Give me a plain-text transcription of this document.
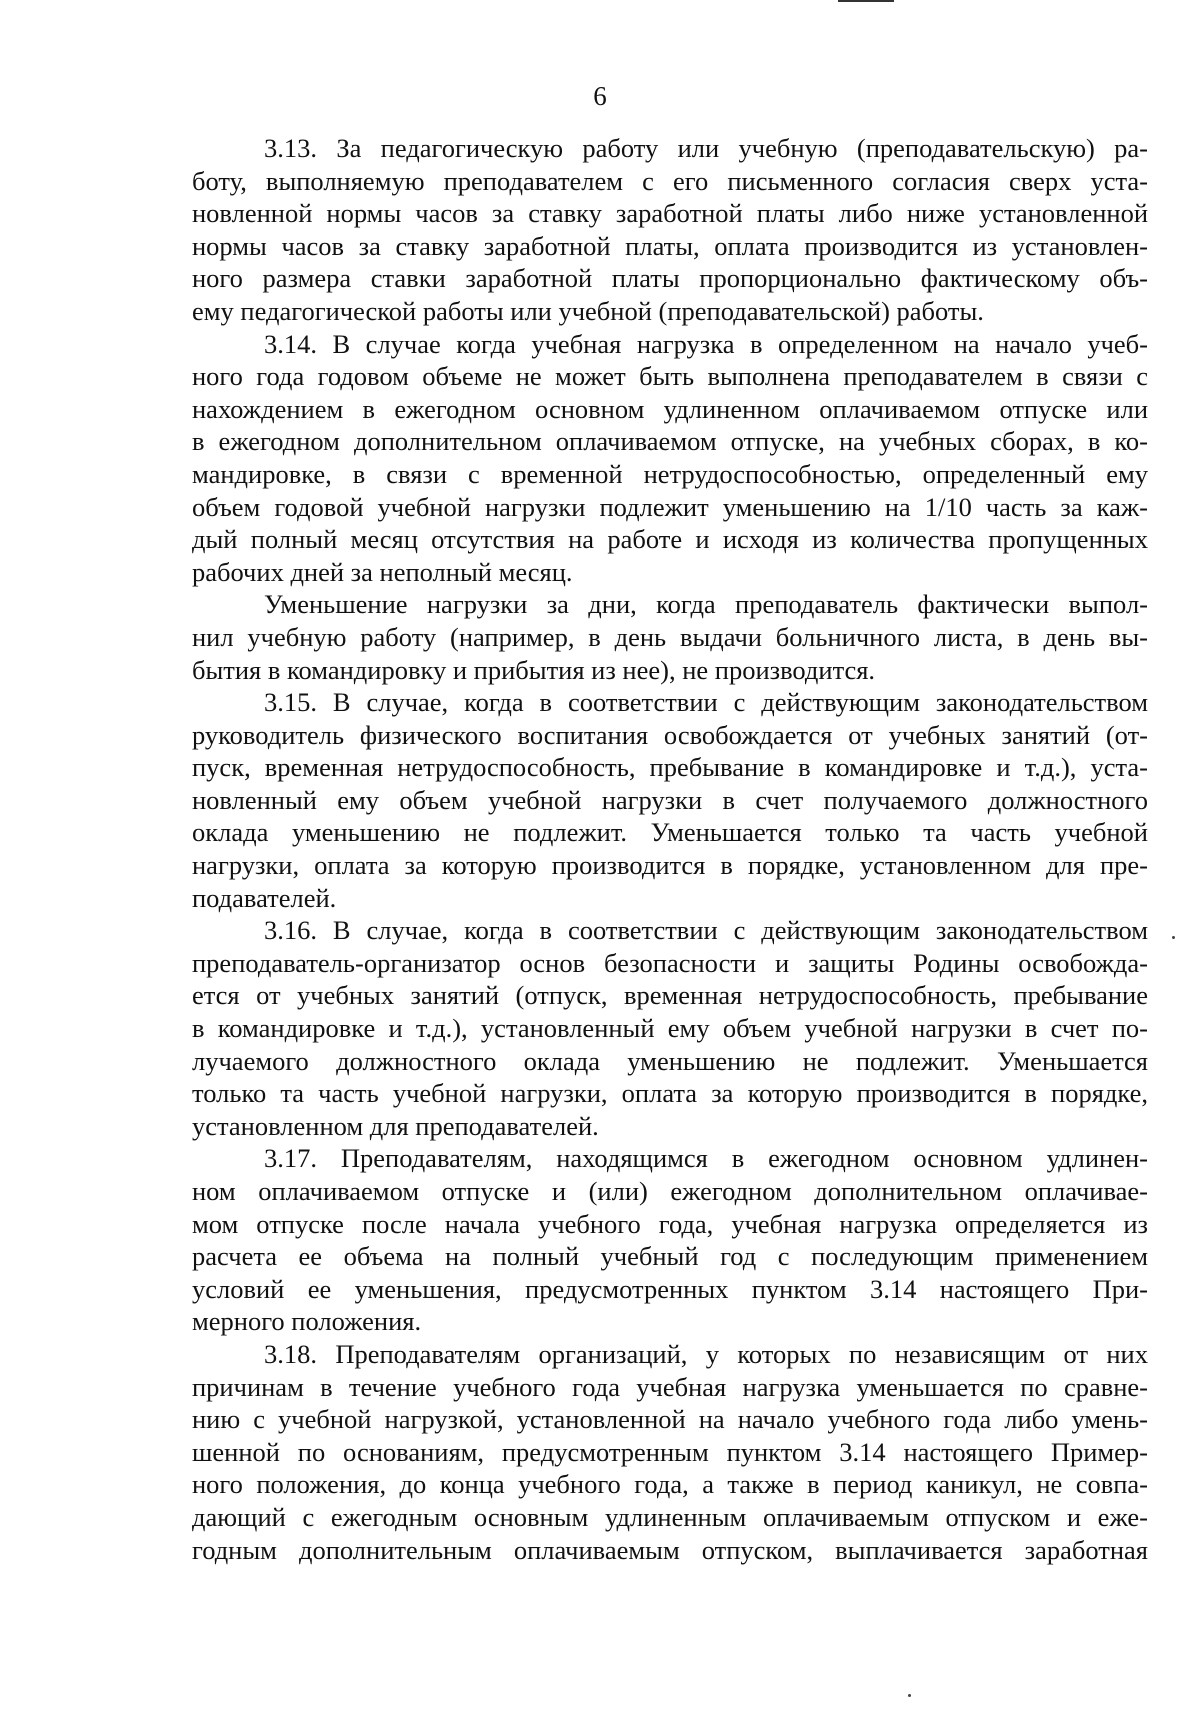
6

3.13. За педагогическую работу или учебную (преподавательскую) ра-
боту, выполняемую преподавателем с его письменного согласия сверх уста-
новленной нормы часов за ставку заработной платы либо ниже установленной
нормы часов за ставку заработной платы, оплата производится из установлен-
ного размера ставки заработной платы пропорционально фактическому объ-
ему педагогической работы или учебной (преподавательской) работы.

3.14. В случае когда учебная нагрузка в определенном на начало учеб-
ного года годовом объеме не может быть выполнена преподавателем в связи с
нахождением в ежегодном основном удлиненном оплачиваемом отпуске или
в ежегодном дополнительном оплачиваемом отпуске, на учебных сборах, в ко-
мандировке, в связи с временной нетрудоспособностью, определенный ему
объем годовой учебной нагрузки подлежит уменьшению на 1/10 часть за каж-
дый полный месяц отсутствия на работе и исходя из количества пропущенных
рабочих дней за неполный месяц.

Уменьшение нагрузки за дни, когда преподаватель фактически выпол-
нил учебную работу (например, в день выдачи больничного листа, в день вы-
бытия в командировку и прибытия из нее), не производится.

3.15. В случае, когда в соответствии с действующим законодательством
руководитель физического воспитания освобождается от учебных занятий (от-
пуск, временная нетрудоспособность, пребывание в командировке и т.д.), уста-
новленный ему объем учебной нагрузки в счет получаемого должностного
оклада уменьшению не подлежит. Уменьшается только та часть учебной
нагрузки, оплата за которую производится в порядке, установленном для пре-
подавателей.

3.16. В случае, когда в соответствии с действующим законодательством
преподаватель-организатор основ безопасности и защиты Родины освобожда-
ется от учебных занятий (отпуск, временная нетрудоспособность, пребывание
в командировке и т.д.), установленный ему объем учебной нагрузки в счет по-
лучаемого должностного оклада уменьшению не подлежит. Уменьшается
только та часть учебной нагрузки, оплата за которую производится в порядке,
установленном для преподавателей.

3.17. Преподавателям, находящимся в ежегодном основном удлинен-
ном оплачиваемом отпуске и (или) ежегодном дополнительном оплачивае-
мом отпуске после начала учебного года, учебная нагрузка определяется из
расчета ее объема на полный учебный год с последующим применением
условий ее уменьшения, предусмотренных пунктом 3.14 настоящего При-
мерного положения.

3.18. Преподавателям организаций, у которых по независящим от них
причинам в течение учебного года учебная нагрузка уменьшается по сравне-
нию с учебной нагрузкой, установленной на начало учебного года либо умень-
шенной по основаниям, предусмотренным пунктом 3.14 настоящего Пример-
ного положения, до конца учебного года, а также в период каникул, не совпа-
дающий с ежегодным основным удлиненным оплачиваемым отпуском и еже-
годным дополнительным оплачиваемым отпуском, выплачивается заработная
